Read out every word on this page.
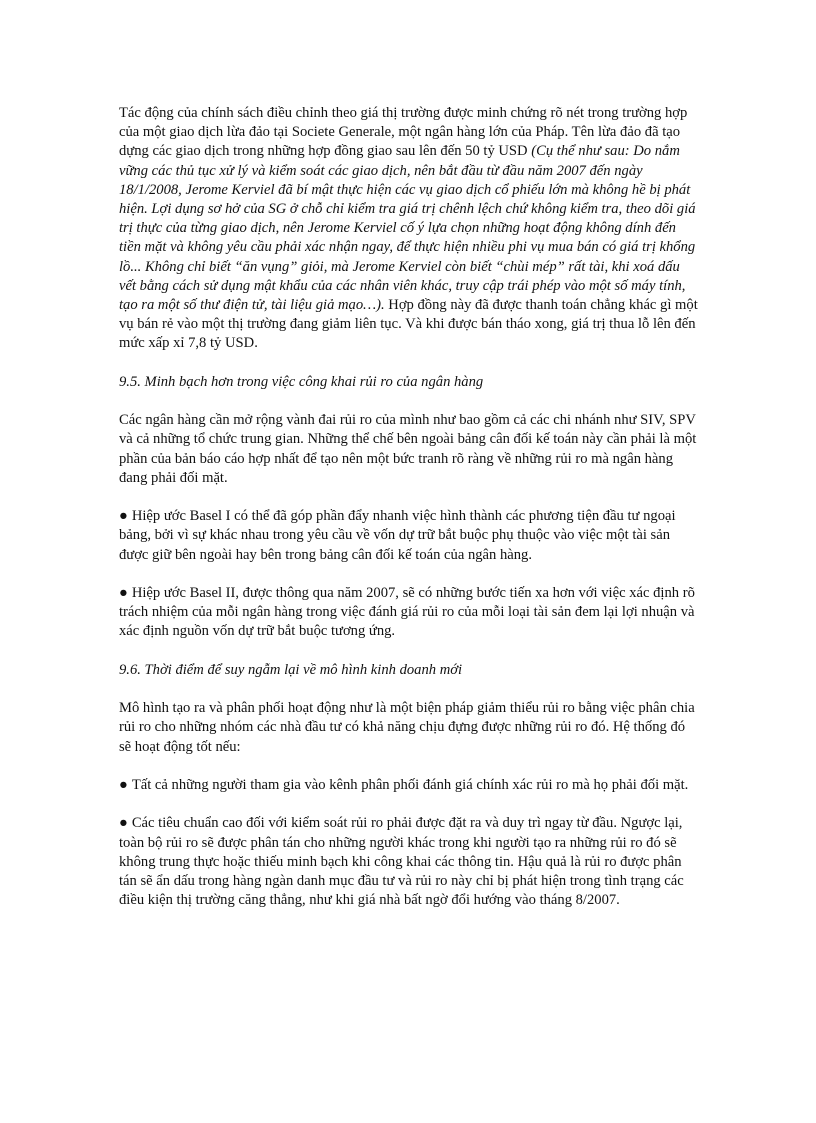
Tác động của chính sách điều chỉnh theo giá thị trường được minh chứng rõ nét trong trường hợp của một giao dịch lừa đảo tại Societe Generale, một ngân hàng lớn của Pháp. Tên lừa đảo đã tạo dựng các giao dịch trong những hợp đồng giao sau lên đến 50 tỷ USD (Cụ thể như sau: Do nắm vững các thủ tục xử lý và kiểm soát các giao dịch, nên bắt đầu từ đầu năm 2007 đến ngày 18/1/2008, Jerome Kerviel đã bí mật thực hiện các vụ giao dịch cổ phiếu lớn mà không hề bị phát hiện. Lợi dụng sơ hở của SG ở chỗ chỉ kiểm tra giá trị chênh lệch chứ không kiểm tra, theo dõi giá trị thực của từng giao dịch, nên Jerome Kerviel cố ý lựa chọn những hoạt động không dính đến tiền mặt và không yêu cầu phải xác nhận ngay, để thực hiện nhiều phi vụ mua bán có giá trị khổng lồ... Không chỉ biết “ăn vụng” giỏi, mà Jerome Kerviel còn biết “chùi mép” rất tài, khi xoá dấu vết bằng cách sử dụng mật khẩu của các nhân viên khác, truy cập trái phép vào một số máy tính, tạo ra một số thư điện tử, tài liệu giả mạo…). Hợp đồng này đã được thanh toán chẳng khác gì một vụ bán rẻ vào một thị trường đang giảm liên tục. Và khi được bán tháo xong, giá trị thua lỗ lên đến mức xấp xỉ 7,8 tỷ USD.

9.5. Minh bạch hơn trong việc công khai rủi ro của ngân hàng

Các ngân hàng cần mở rộng vành đai rủi ro của mình như bao gồm cả các chi nhánh như SIV, SPV và cả những tổ chức trung gian. Những thể chế bên ngoài bảng cân đối kế toán này cần phải là một phần của bản báo cáo hợp nhất để tạo nên một bức tranh rõ ràng về những rủi ro mà ngân hàng đang phải đối mặt.

● Hiệp ước Basel I có thể đã góp phần đẩy nhanh việc hình thành các phương tiện đầu tư ngoại bảng, bởi vì sự khác nhau trong yêu cầu về vốn dự trữ bắt buộc phụ thuộc vào việc một tài sản được giữ bên ngoài hay bên trong bảng cân đối kế toán của ngân hàng.

● Hiệp ước Basel II, được thông qua năm 2007, sẽ có những bước tiến xa hơn với việc xác định rõ trách nhiệm của mỗi ngân hàng trong việc đánh giá rủi ro của mỗi loại tài sản đem lại lợi nhuận và xác định nguồn vốn dự trữ bắt buộc tương ứng.

9.6. Thời điểm để suy ngẫm lại về mô hình kinh doanh mới

Mô hình tạo ra và phân phối hoạt động như là một biện pháp giảm thiểu rủi ro bằng việc phân chia rủi ro cho những nhóm các nhà đầu tư có khả năng chịu đựng được những rủi ro đó. Hệ thống đó sẽ hoạt động tốt nếu:

● Tất cả những người tham gia vào kênh phân phối đánh giá chính xác rủi ro mà họ phải đối mặt.

● Các tiêu chuẩn cao đối với kiểm soát rủi ro phải được đặt ra và duy trì ngay từ đầu. Ngược lại, toàn bộ rủi ro sẽ được phân tán cho những người khác trong khi người tạo ra những rủi ro đó sẽ không trung thực hoặc thiếu minh bạch khi công khai các thông tin. Hậu quả là rủi ro được phân tán sẽ ẩn dấu trong hàng ngàn danh mục đầu tư và rủi ro này chỉ bị phát hiện trong tình trạng các điều kiện thị trường căng thẳng, như khi giá nhà bất ngờ đổi hướng vào tháng 8/2007.
